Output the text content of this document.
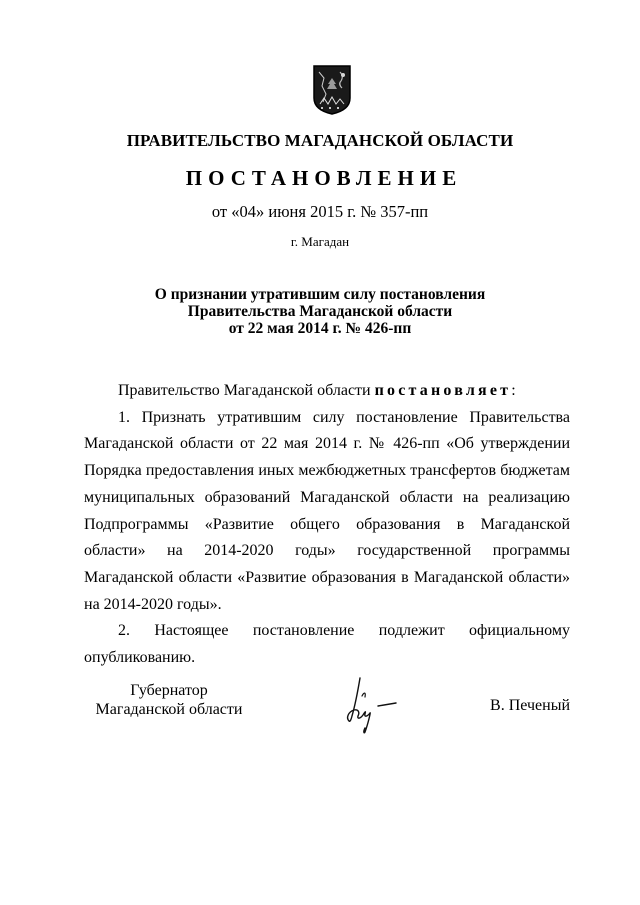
ПРАВИТЕЛЬСТВО МАГАДАНСКОЙ ОБЛАСТИ
ПОСТАНОВЛЕНИЕ
от «04» июня 2015 г. № 357-пп
г. Магадан
О признании утратившим силу постановления
Правительства Магаданской области
от 22 мая 2014 г. № 426-пп

Правительство Магаданской области постановляет:

1. Признать утратившим силу постановление Правительства Магаданской области от 22 мая 2014 г. № 426-пп «Об утверждении Порядка предоставления иных межбюджетных трансфертов бюджетам муниципальных образований Магаданской области на реализацию Подпрограммы «Развитие общего образования в Магаданской области» на 2014-2020 годы» государственной программы Магаданской области «Развитие образования в Магаданской области» на 2014-2020 годы».

2. Настоящее постановление подлежит официальному опубликованию.

Губернатор
Магаданской области	В. Печеный
